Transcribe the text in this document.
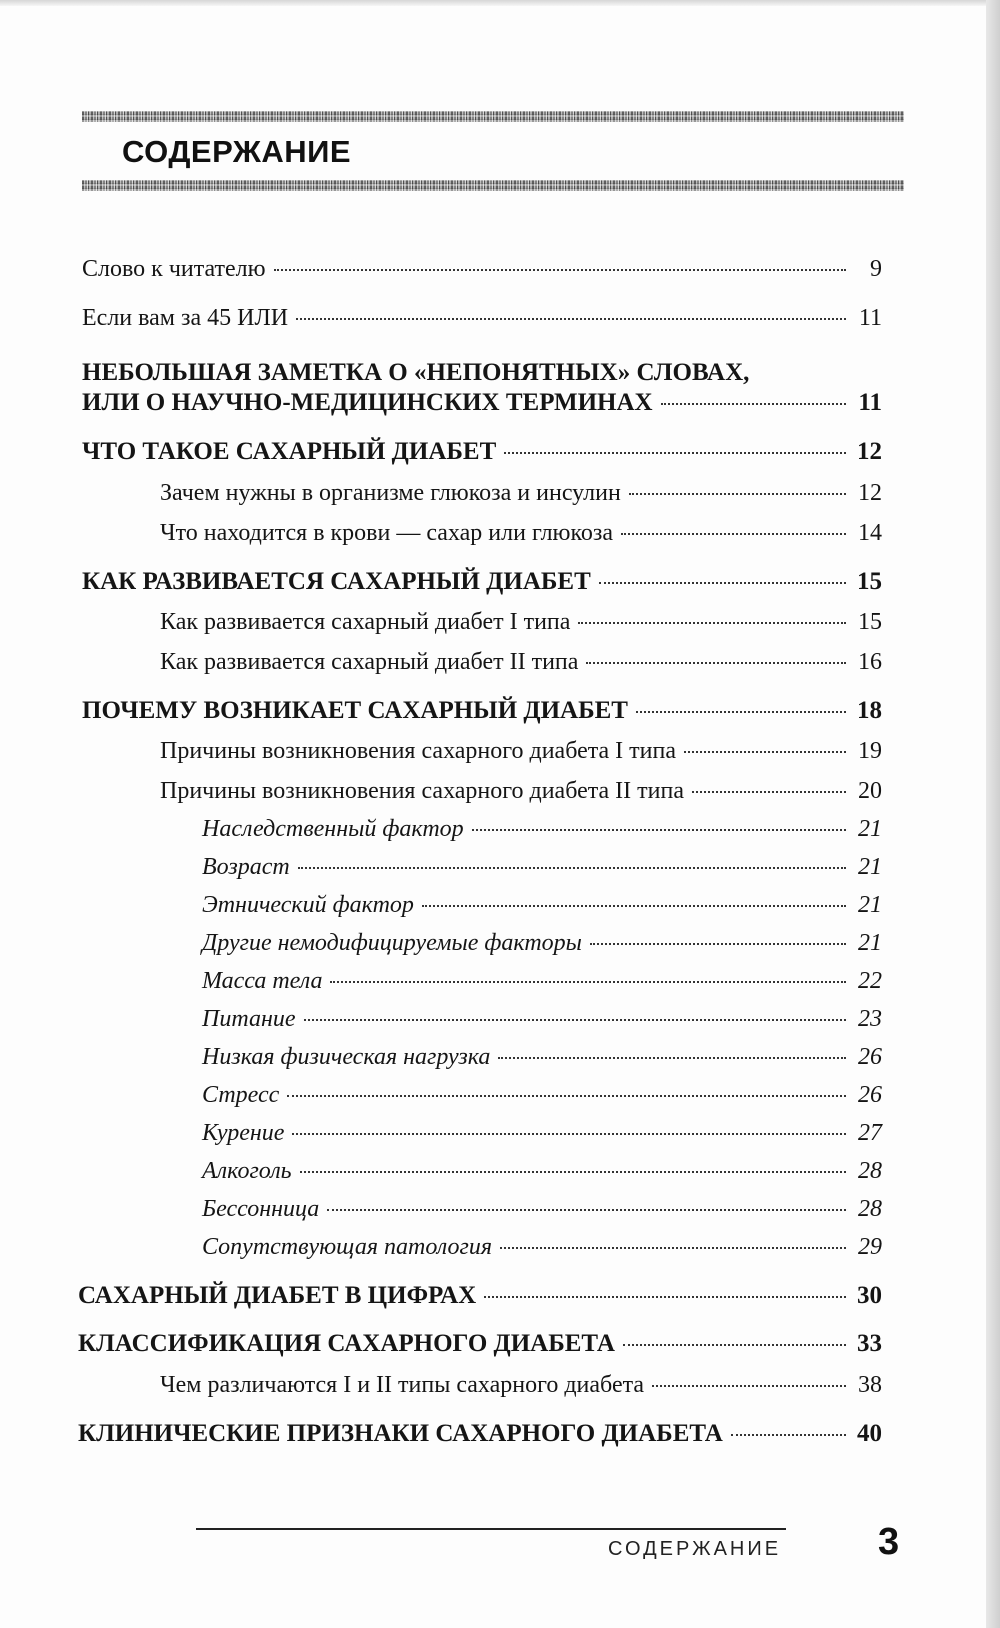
СОДЕРЖАНИЕ
Слово к читателю	9
Если вам за 45 ИЛИ	11
НЕБОЛЬШАЯ ЗАМЕТКА О «НЕПОНЯТНЫХ» СЛОВАХ,
ИЛИ О НАУЧНО-МЕДИЦИНСКИХ ТЕРМИНАХ	11
ЧТО ТАКОЕ САХАРНЫЙ ДИАБЕТ	12
Зачем нужны в организме глюкоза и инсулин	12
Что находится в крови — сахар или глюкоза	14
КАК РАЗВИВАЕТСЯ САХАРНЫЙ ДИАБЕТ	15
Как развивается сахарный диабет I типа	15
Как развивается сахарный диабет II типа	16
ПОЧЕМУ ВОЗНИКАЕТ САХАРНЫЙ ДИАБЕТ	18
Причины возникновения сахарного диабета I типа	19
Причины возникновения сахарного диабета II типа	20
Наследственный фактор	21
Возраст	21
Этнический фактор	21
Другие немодифицируемые факторы	21
Масса тела	22
Питание	23
Низкая физическая нагрузка	26
Стресс	26
Курение	27
Алкоголь	28
Бессонница	28
Сопутствующая патология	29
САХАРНЫЙ ДИАБЕТ В ЦИФРАХ	30
КЛАССИФИКАЦИЯ САХАРНОГО ДИАБЕТА	33
Чем различаются I и II типы сахарного диабета	38
КЛИНИЧЕСКИЕ ПРИЗНАКИ САХАРНОГО ДИАБЕТА	40
СОДЕРЖАНИЕ	3
